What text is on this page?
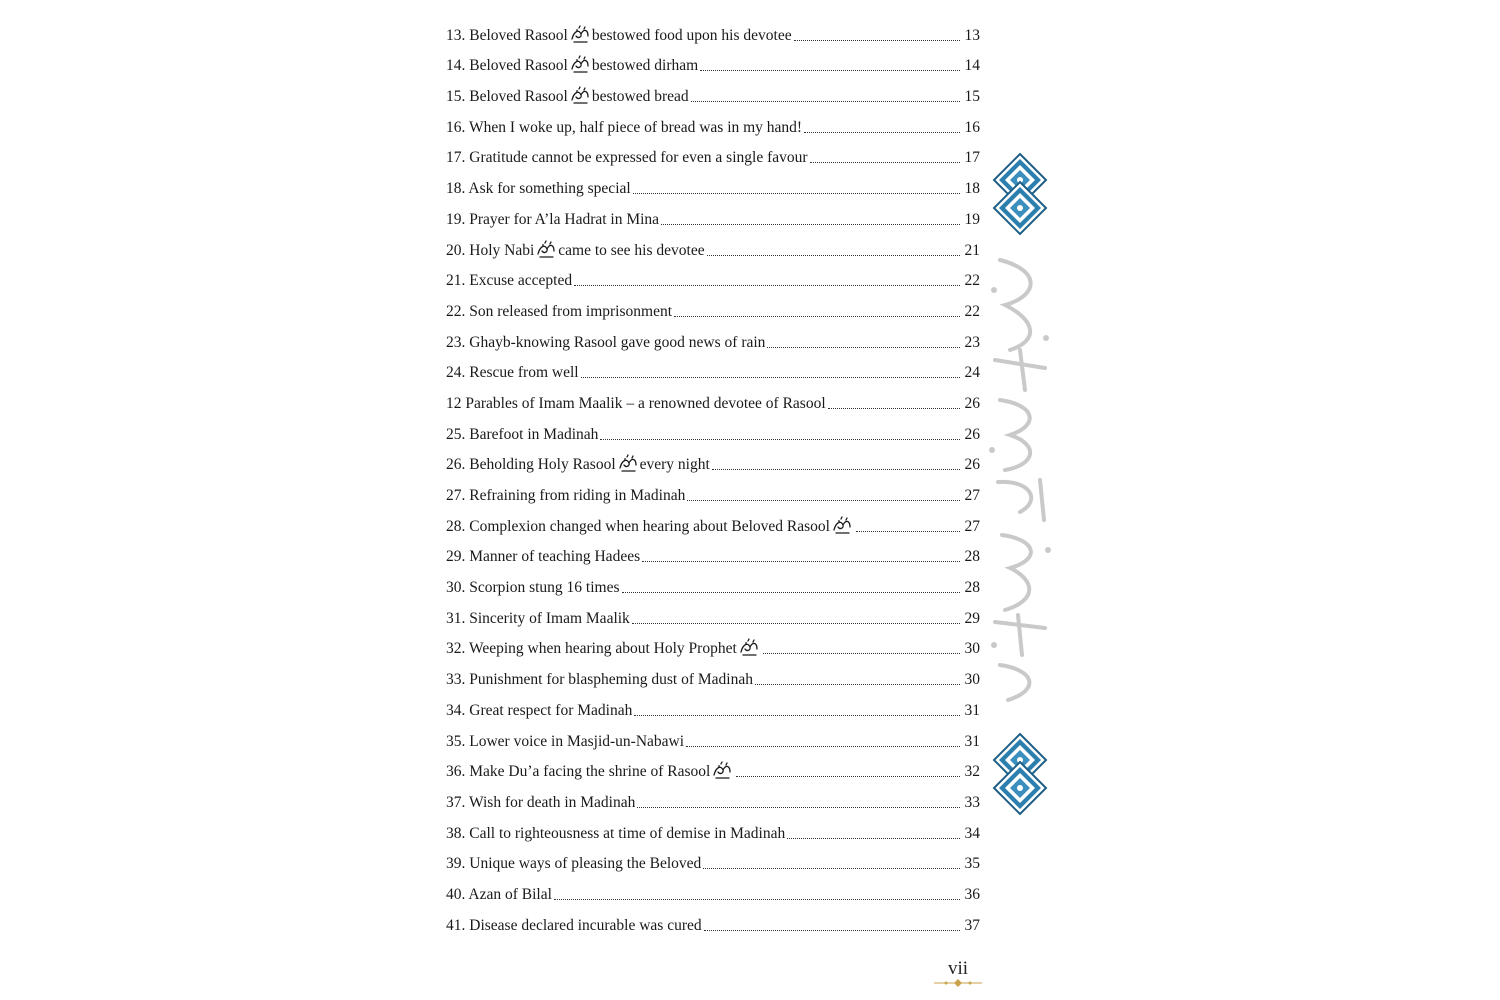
13. Beloved Rasool bestowed food upon his devotee	13
14. Beloved Rasool bestowed dirham	14
15. Beloved Rasool bestowed bread	15
16. When I woke up, half piece of bread was in my hand!	16
17. Gratitude cannot be expressed for even a single favour	17
18. Ask for something special	18
19. Prayer for A’la Hadrat in Mina	19
20. Holy Nabi came to see his devotee	21
21. Excuse accepted	22
22. Son released from imprisonment	22
23. Ghayb-knowing Rasool gave good news of rain	23
24. Rescue from well	24
12 Parables of Imam Maalik – a renowned devotee of Rasool	26
25. Barefoot in Madinah	26
26. Beholding Holy Rasool every night	26
27. Refraining from riding in Madinah	27
28. Complexion changed when hearing about Beloved Rasool	27
29. Manner of teaching Hadees	28
30. Scorpion stung 16 times	28
31. Sincerity of Imam Maalik	29
32. Weeping when hearing about Holy Prophet	30
33. Punishment for blaspheming dust of Madinah	30
34. Great respect for Madinah	31
35. Lower voice in Masjid-un-Nabawi	31
36. Make Du’a facing the shrine of Rasool	32
37. Wish for death in Madinah	33
38. Call to righteousness at time of demise in Madinah	34
39. Unique ways of pleasing the Beloved	35
40. Azan of Bilal	36
41. Disease declared incurable was cured	37
vii
